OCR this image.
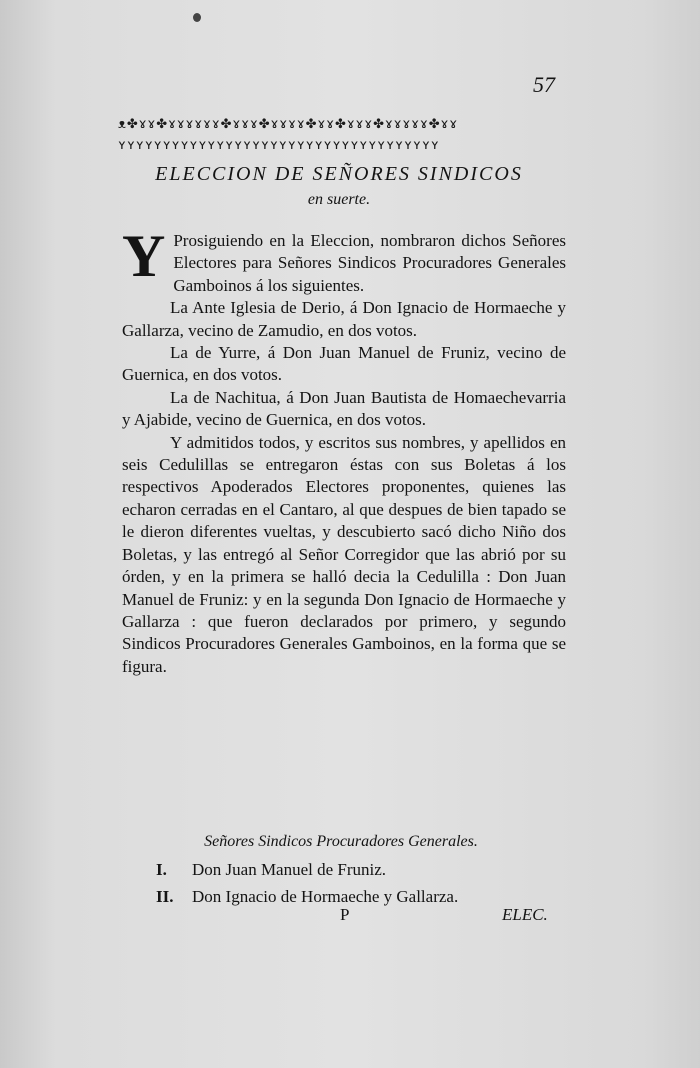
57
ᴥ✤ɤɤ✤ɤɤɤɤɤɤ✤ɤɤɤ✤ɤɤɤɤ✤ɤɤ✤ɤɤɤ✤ɤɤɤɤɤ✤ɤɤ
ʏʏʏʏʏʏʏʏʏʏʏʏʏʏʏʏʏʏʏʏʏʏʏʏʏʏʏʏʏʏʏʏʏʏʏʏ
ELECCION DE SEÑORES SINDICOS
en suerte.

Y Prosiguiendo en la Eleccion, nombraron dichos Señores Electores para Señores Sindicos Procuradores Generales Gamboinos á los siguientes.

La Ante Iglesia de Derio, á Don Ignacio de Hormaeche y Gallarza, vecino de Zamudio, en dos votos.

La de Yurre, á Don Juan Manuel de Fruniz, vecino de Guernica, en dos votos.

La de Nachitua, á Don Juan Bautista de Homaechevarria y Ajabide, vecino de Guernica, en dos votos.

Y admitidos todos, y escritos sus nombres, y apellidos en seis Cedulillas se entregaron éstas con sus Boletas á los respectivos Apoderados Electores proponentes, quienes las echaron cerradas en el Cantaro, al que despues de bien tapado se le dieron diferentes vueltas, y descubierto sacó dicho Niño dos Boletas, y las entregó al Señor Corregidor que las abrió por su órden, y en la primera se halló decia la Cedulilla : Don Juan Manuel de Fruniz: y en la segunda Don Ignacio de Hormaeche y Gallarza : que fueron declarados por primero, y segundo Sindicos Procuradores Generales Gamboinos, en la forma que se figura.

Señores Sindicos Procuradores Generales.
I.	Don Juan Manuel de Fruniz.
II.	Don Ignacio de Hormaeche y Gallarza.
P	ELEC.
